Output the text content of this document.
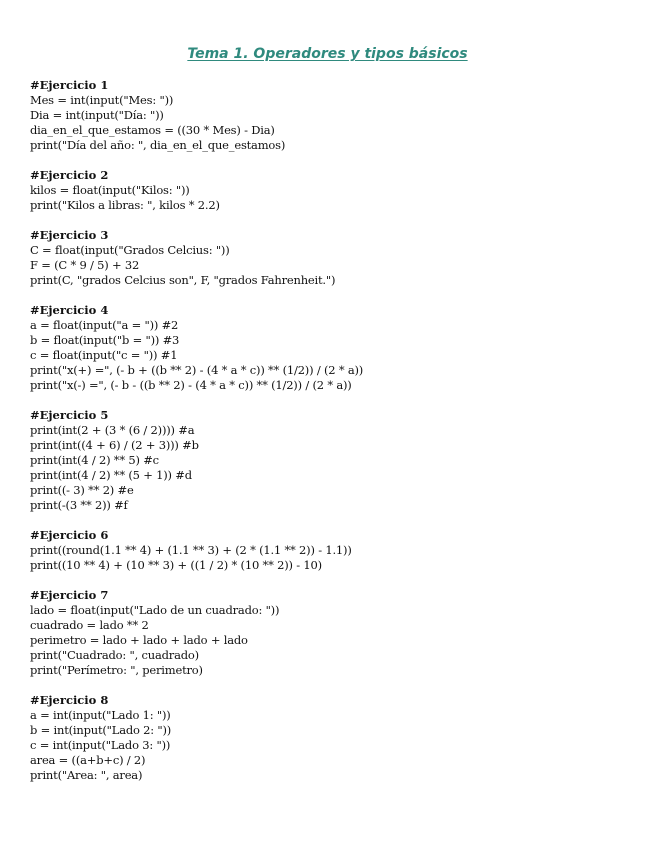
Tema 1. Operadores y tipos básicos
#Ejercicio 1
Mes = int(input("Mes: "))
Dia = int(input("Día: "))
dia_en_el_que_estamos = ((30 * Mes) - Dia)
print("Día del año: ", dia_en_el_que_estamos)
#Ejercicio 2
kilos = float(input("Kilos: "))
print("Kilos a libras: ", kilos * 2.2)
#Ejercicio 3
C = float(input("Grados Celcius: "))
F = (C * 9 / 5) + 32
print(C, "grados Celcius son", F, "grados Fahrenheit.")
#Ejercicio 4
a = float(input("a = ")) #2
b = float(input("b = ")) #3
c = float(input("c = ")) #1
print("x(+) =", (- b + ((b ** 2) - (4 * a * c)) ** (1/2)) / (2 * a))
print("x(-) =", (- b - ((b ** 2) - (4 * a * c)) ** (1/2)) / (2 * a))
#Ejercicio 5
print(int(2 + (3 * (6 / 2)))) #a
print(int((4 + 6) / (2 + 3))) #b
print(int(4 / 2) ** 5) #c
print(int(4 / 2) ** (5 + 1)) #d
print((- 3) ** 2) #e
print(-(3 ** 2)) #f
#Ejercicio 6
print((round(1.1 ** 4) + (1.1 ** 3) + (2 * (1.1 ** 2)) - 1.1))
print((10 ** 4) + (10 ** 3) + ((1 / 2) * (10 ** 2)) - 10)
#Ejercicio 7
lado = float(input("Lado de un cuadrado: "))
cuadrado = lado ** 2
perimetro = lado + lado + lado + lado
print("Cuadrado: ", cuadrado)
print("Perímetro: ", perimetro)
#Ejercicio 8
a = int(input("Lado 1: "))
b = int(input("Lado 2: "))
c = int(input("Lado 3: "))
area = ((a+b+c) / 2)
print("Area: ", area)
